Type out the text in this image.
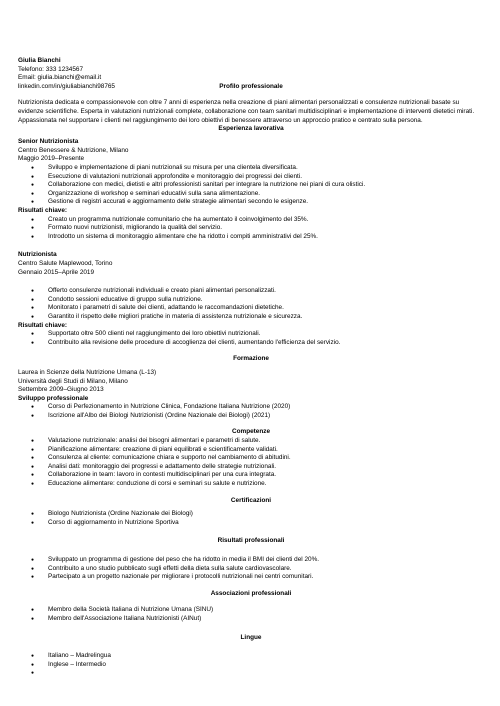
Giulia Bianchi
Telefono: 333 1234567
Email: giulia.bianchi@email.it
linkedin.com/in/giuliabianchi98765	Profilo professionale

Nutrizionista dedicata e compassionevole con oltre 7 anni di esperienza nella creazione di piani alimentari personalizzati e consulenze nutrizionali basate su evidenze scientifiche. Esperta in valutazioni nutrizionali complete, collaborazione con team sanitari multidisciplinari e implementazione di interventi dietetici mirati. Appassionata nel supportare i clienti nel raggiungimento dei loro obiettivi di benessere attraverso un approccio pratico e centrato sulla persona.

Esperienza lavorativa
Senior Nutrizionista
Centro Benessere & Nutrizione, Milano
Maggio 2019–Presente
● Sviluppo e implementazione di piani nutrizionali su misura per una clientela diversificata.
● Esecuzione di valutazioni nutrizionali approfondite e monitoraggio dei progressi dei clienti.
● Collaborazione con medici, dietisti e altri professionisti sanitari per integrare la nutrizione nei piani di cura olistici.
● Organizzazione di workshop e seminari educativi sulla sana alimentazione.
● Gestione di registri accurati e aggiornamento delle strategie alimentari secondo le esigenze.
Risultati chiave:
● Creato un programma nutrizionale comunitario che ha aumentato il coinvolgimento del 35%.
● Formato nuovi nutrizionisti, migliorando la qualità del servizio.
● Introdotto un sistema di monitoraggio alimentare che ha ridotto i compiti amministrativi del 25%.
Nutrizionista
Centro Salute Maplewood, Torino
Gennaio 2015–Aprile 2019
● Offerto consulenze nutrizionali individuali e creato piani alimentari personalizzati.
● Condotto sessioni educative di gruppo sulla nutrizione.
● Monitorato i parametri di salute dei clienti, adattando le raccomandazioni dietetiche.
● Garantito il rispetto delle migliori pratiche in materia di assistenza nutrizionale e sicurezza.
Risultati chiave:
● Supportato oltre 500 clienti nel raggiungimento dei loro obiettivi nutrizionali.
● Contribuito alla revisione delle procedure di accoglienza dei clienti, aumentando l'efficienza del servizio.
Formazione
Laurea in Scienze della Nutrizione Umana (L-13)
Università degli Studi di Milano, Milano
Settembre 2009–Giugno 2013
Sviluppo professionale
● Corso di Perfezionamento in Nutrizione Clinica, Fondazione Italiana Nutrizione (2020)
● Iscrizione all'Albo dei Biologi Nutrizionisti (Ordine Nazionale dei Biologi) (2021)
Competenze
● Valutazione nutrizionale: analisi dei bisogni alimentari e parametri di salute.
● Pianificazione alimentare: creazione di piani equilibrati e scientificamente validati.
● Consulenza al cliente: comunicazione chiara e supporto nel cambiamento di abitudini.
● Analisi dati: monitoraggio dei progressi e adattamento delle strategie nutrizionali.
● Collaborazione in team: lavoro in contesti multidisciplinari per una cura integrata.
● Educazione alimentare: conduzione di corsi e seminari su salute e nutrizione.
Certificazioni
● Biologo Nutrizionista (Ordine Nazionale dei Biologi)
● Corso di aggiornamento in Nutrizione Sportiva
Risultati professionali
● Sviluppato un programma di gestione del peso che ha ridotto in media il BMI dei clienti del 20%.
● Contribuito a uno studio pubblicato sugli effetti della dieta sulla salute cardiovascolare.
● Partecipato a un progetto nazionale per migliorare i protocolli nutrizionali nei centri comunitari.
Associazioni professionali
● Membro della Società Italiana di Nutrizione Umana (SINU)
● Membro dell'Associazione Italiana Nutrizionisti (AINut)
Lingue
● Italiano – Madrelingua
● Inglese – Intermedio
●
